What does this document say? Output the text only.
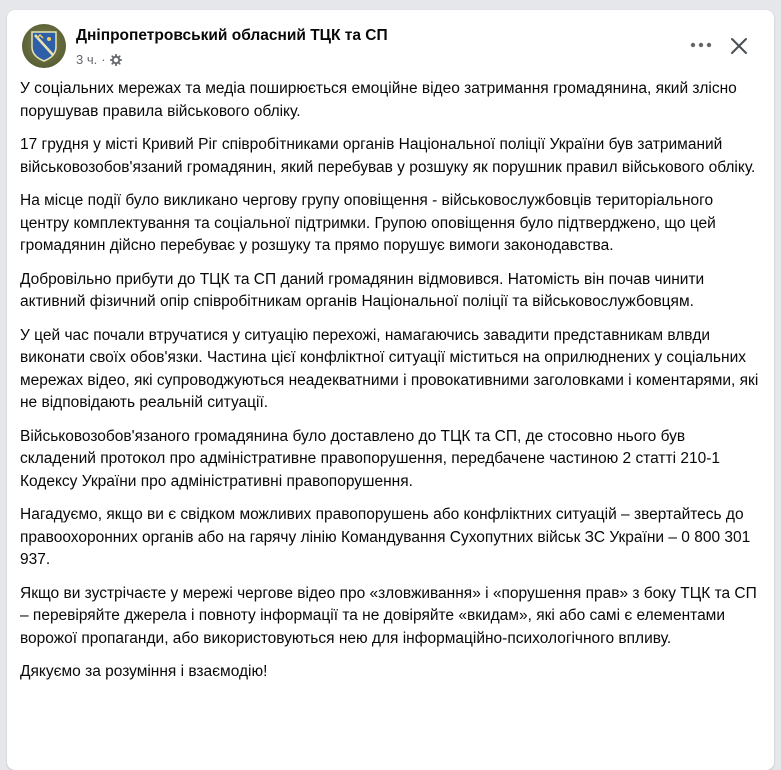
Дніпропетровський обласний ТЦК та СП
3 ч. ·

У соціальних мережах та медіа поширюється емоційне відео затримання громадянина, який злісно порушував правила військового обліку.

17 грудня у місті Кривий Ріг співробітниками органів Національної поліції України був затриманий військовозобов'язаний громадянин, який перебував у розшуку як порушник правил військового обліку.

На місце події було викликано чергову групу оповіщення - військовослужбовців територіального центру комплектування та соціальної підтримки. Групою оповіщення було підтверджено, що цей громадянин дійсно перебуває у розшуку та прямо порушує вимоги законодавства.

Добровільно прибути до ТЦК та СП даний громадянин відмовився. Натомість він почав чинити активний фізичний опір співробітникам органів Національної поліції та військовослужбовцям.

У цей час почали втручатися у ситуацію перехожі, намагаючись завадити представникам влвди виконати своїх обов'язки. Частина цієї конфліктної ситуації міститься на оприлюднених у соціальних мережах відео, які супроводжуються неадекватними і провокативними заголовками і коментарями, які не відповідають реальній ситуації.

Військовозобов'язаного громадянина було доставлено до ТЦК та СП, де стосовно нього був складений протокол про адміністративне правопорушення, передбачене частиною 2 статті 210-1 Кодексу України про адміністративні правопорушення.

Нагадуємо, якщо ви є свідком можливих правопорушень або конфліктних ситуацій – звертайтесь до правоохоронних органів або на гарячу лінію Командування Сухопутних військ ЗС України – 0 800 301 937.

Якщо ви зустрічаєте у мережі чергове відео про «зловживання» і «порушення прав» з боку ТЦК та СП – перевіряйте джерела і повноту інформації та не довіряйте «вкидам», які або самі є елементами ворожої пропаганди, або використовуються нею для інформаційно-психологічного впливу.

Дякуємо за розуміння і взаємодію!
